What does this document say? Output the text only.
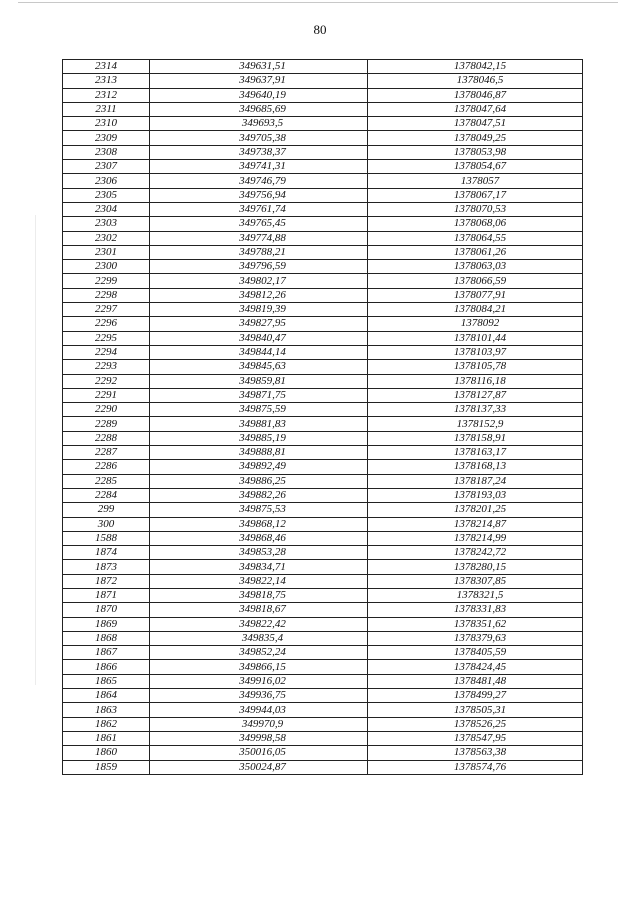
80
2314	349631,51	1378042,15
2313	349637,91	1378046,5
2312	349640,19	1378046,87
2311	349685,69	1378047,64
2310	349693,5	1378047,51
2309	349705,38	1378049,25
2308	349738,37	1378053,98
2307	349741,31	1378054,67
2306	349746,79	1378057
2305	349756,94	1378067,17
2304	349761,74	1378070,53
2303	349765,45	1378068,06
2302	349774,88	1378064,55
2301	349788,21	1378061,26
2300	349796,59	1378063,03
2299	349802,17	1378066,59
2298	349812,26	1378077,91
2297	349819,39	1378084,21
2296	349827,95	1378092
2295	349840,47	1378101,44
2294	349844,14	1378103,97
2293	349845,63	1378105,78
2292	349859,81	1378116,18
2291	349871,75	1378127,87
2290	349875,59	1378137,33
2289	349881,83	1378152,9
2288	349885,19	1378158,91
2287	349888,81	1378163,17
2286	349892,49	1378168,13
2285	349886,25	1378187,24
2284	349882,26	1378193,03
299	349875,53	1378201,25
300	349868,12	1378214,87
1588	349868,46	1378214,99
1874	349853,28	1378242,72
1873	349834,71	1378280,15
1872	349822,14	1378307,85
1871	349818,75	1378321,5
1870	349818,67	1378331,83
1869	349822,42	1378351,62
1868	349835,4	1378379,63
1867	349852,24	1378405,59
1866	349866,15	1378424,45
1865	349916,02	1378481,48
1864	349936,75	1378499,27
1863	349944,03	1378505,31
1862	349970,9	1378526,25
1861	349998,58	1378547,95
1860	350016,05	1378563,38
1859	350024,87	1378574,76
